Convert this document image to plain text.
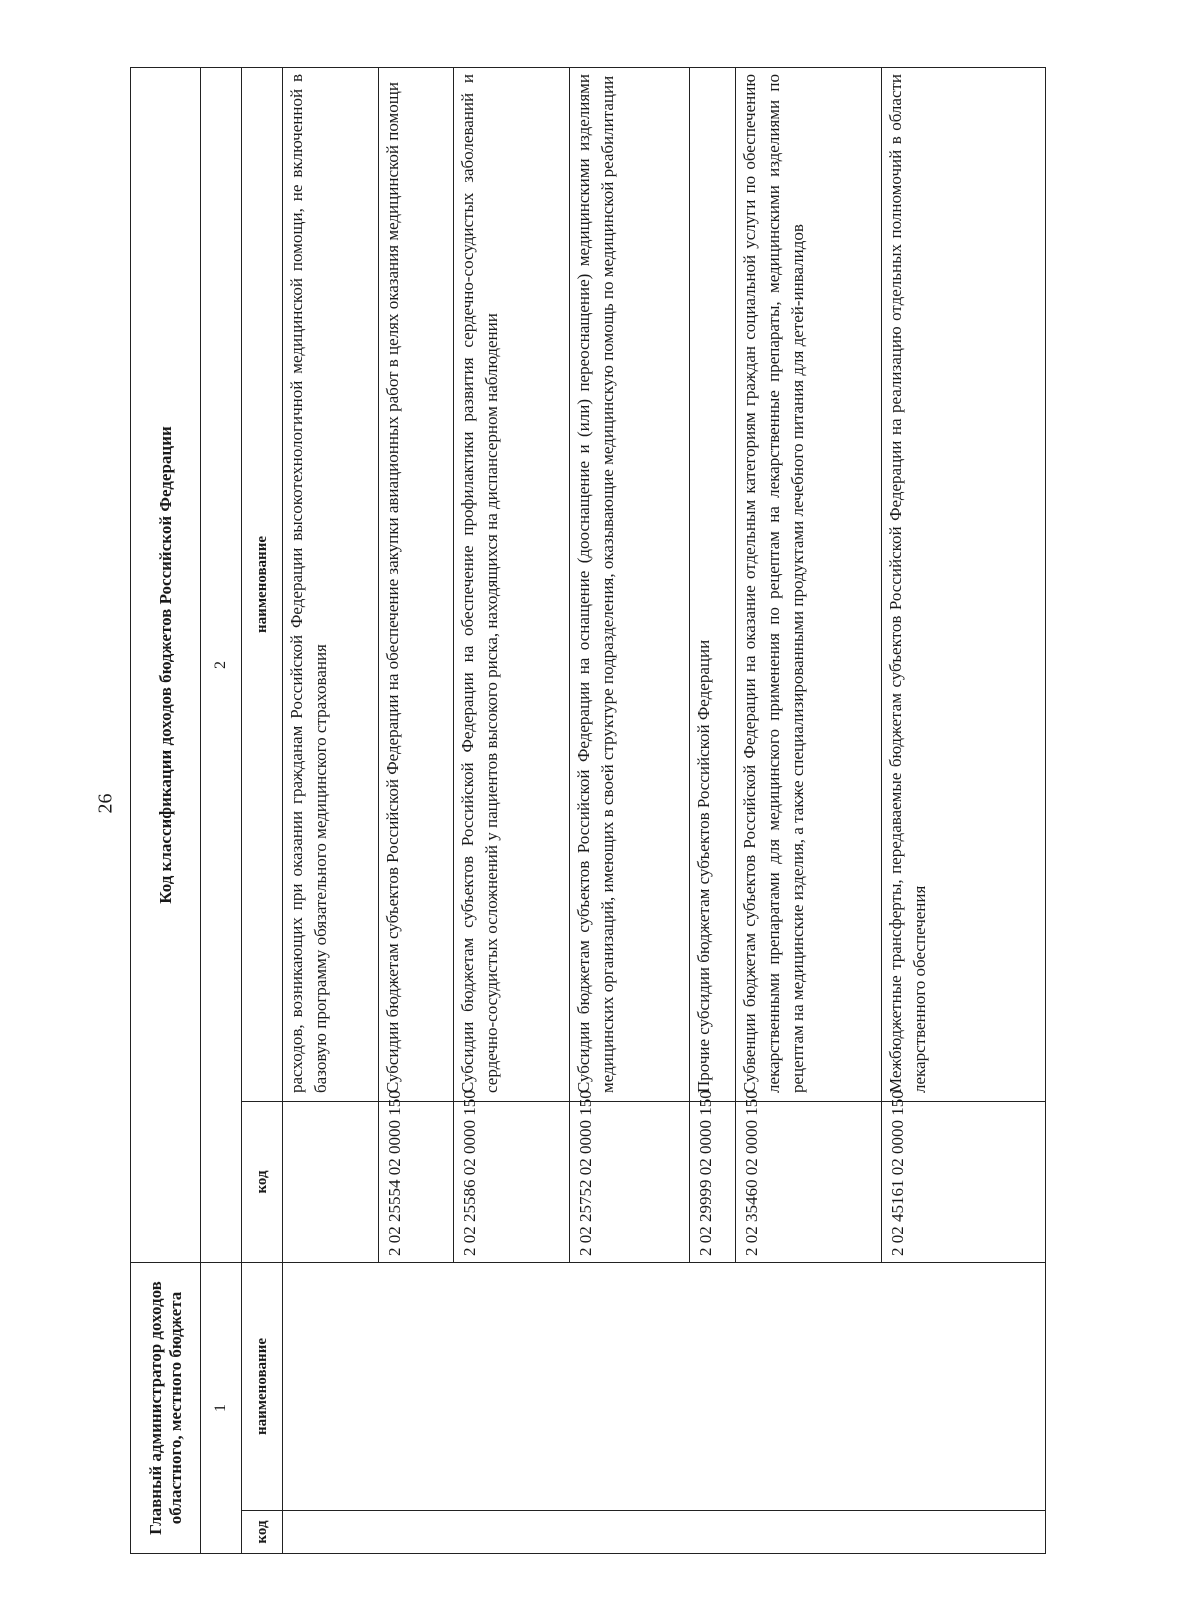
26
Главный администратор доходов областного, местного бюджета		Код классификации доходов бюджетов Российской Федерации	
1		2	
код	наименование	код	наименование
			расходов, возникающих при оказании гражданам Российской Федерации высокотехнологичной медицинской помощи, не включенной в базовую программу обязательного медицинского страхования
		2 02 25554 02 0000 150	Субсидии бюджетам субъектов Российской Федерации на обеспечение закупки авиационных работ в целях оказания медицинской помощи
		2 02 25586 02 0000 150	Субсидии бюджетам субъектов Российской Федерации на обеспечение профилактики развития сердечно-сосудистых заболеваний и сердечно-сосудистых осложнений у пациентов высокого риска, находящихся на диспансерном наблюдении
		2 02 25752 02 0000 150	Субсидии бюджетам субъектов Российской Федерации на оснащение (дооснащение и (или) переоснащение) медицинскими изделиями медицинских организаций, имеющих в своей структуре подразделения, оказывающие медицинскую помощь по медицинской реабилитации
		2 02 29999 02 0000 150	Прочие субсидии бюджетам субъектов Российской Федерации
		2 02 35460 02 0000 150	Субвенции бюджетам субъектов Российской Федерации на оказание отдельным категориям граждан социальной услуги по обеспечению лекарственными препаратами для медицинского применения по рецептам на лекарственные препараты, медицинскими изделиями по рецептам на медицинские изделия, а также специализированными продуктами лечебного питания для детей-инвалидов
		2 02 45161 02 0000 150	Межбюджетные трансферты, передаваемые бюджетам субъектов Российской Федерации на реализацию отдельных полномочий в области лекарственного обеспечения
